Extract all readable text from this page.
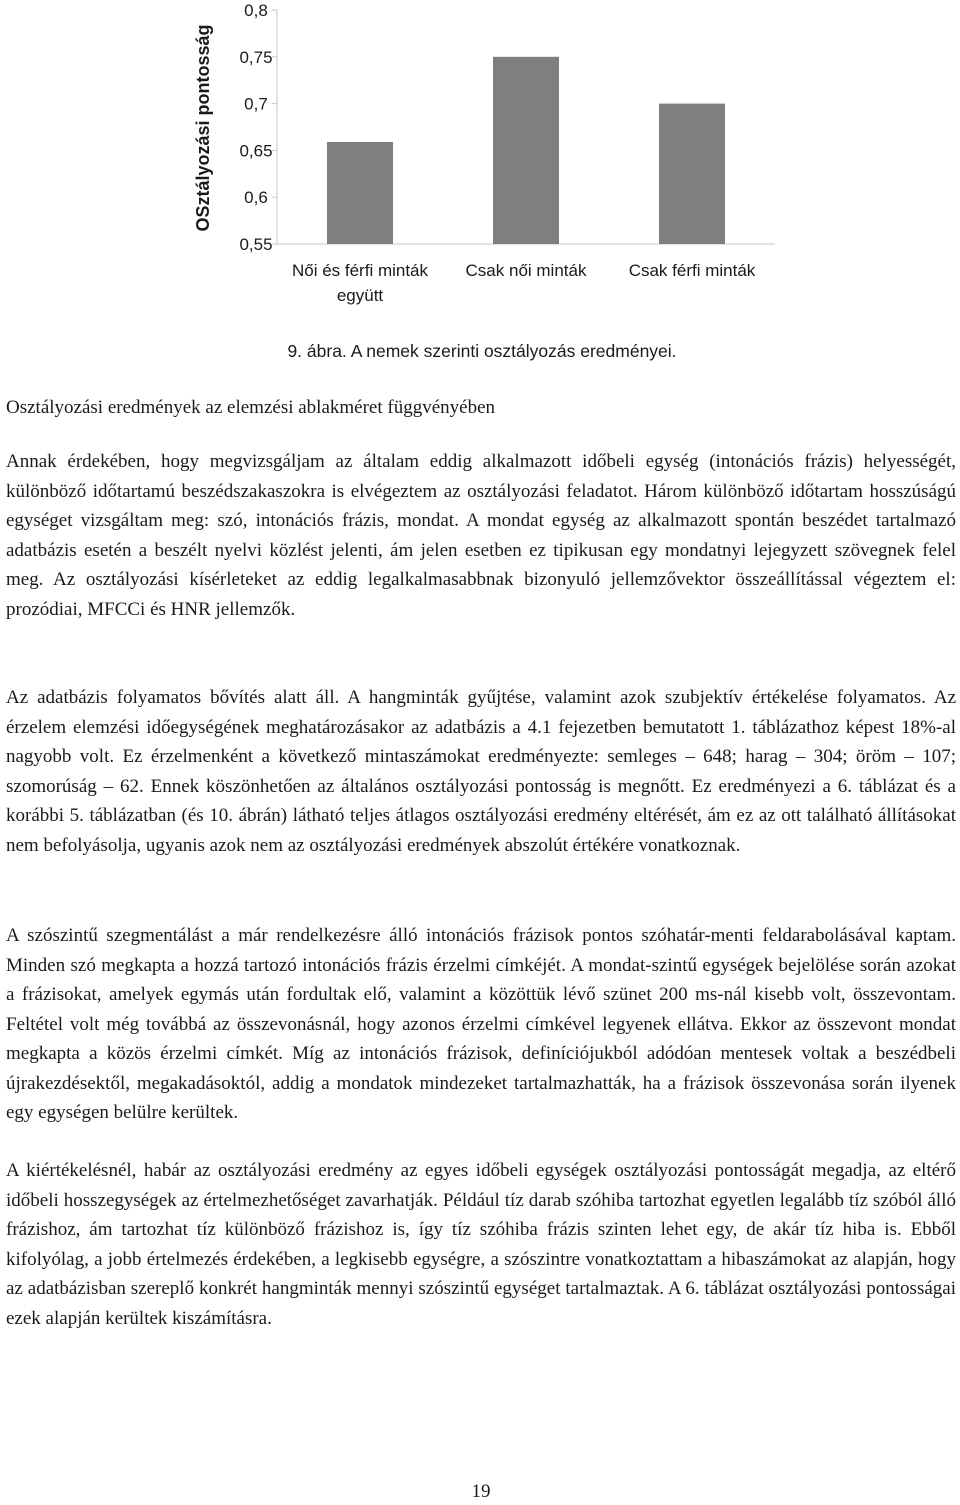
0,8
0,75
0,7
0,65
0,6
0,55
Női és férfi minták
együtt
Csak női minták Csak férfi minták
OSztályozási pontosság
9. ábra. A nemek szerinti osztályozás eredményei.
Osztályozási eredmények az elemzési ablakméret függvényében

Annak érdekében, hogy megvizsgáljam az általam eddig alkalmazott időbeli egység (intonációs frázis) helyességét, különböző időtartamú beszédszakaszokra is elvégeztem az osztályozási feladatot. Három különböző időtartam hosszúságú egységet vizsgáltam meg: szó, intonációs frázis, mondat. A mondat egység az alkalmazott spontán beszédet tartalmazó adatbázis esetén a beszélt nyelvi közlést jelenti, ám jelen esetben ez tipikusan egy mondatnyi lejegyzett szövegnek felel meg. Az osztályozási kísérleteket az eddig legalkalmasabbnak bizonyuló jellemzővektor összeállítással végeztem el: prozódiai, MFCCi és HNR jellemzők.

Az adatbázis folyamatos bővítés alatt áll. A hangminták gyűjtése, valamint azok szubjektív értékelése folyamatos. Az érzelem elemzési időegységének meghatározásakor az adatbázis a 4.1 fejezetben bemutatott 1. táblázathoz képest 18%-al nagyobb volt. Ez érzelmenként a következő mintaszámokat eredményezte: semleges – 648; harag – 304; öröm – 107; szomorúság – 62. Ennek köszönhetően az általános osztályozási pontosság is megnőtt. Ez eredményezi a 6. táblázat és a korábbi 5. táblázatban (és 10. ábrán) látható teljes átlagos osztályozási eredmény eltérését, ám ez az ott található állításokat nem befolyásolja, ugyanis azok nem az osztályozási eredmények abszolút értékére vonatkoznak.

A szószintű szegmentálást a már rendelkezésre álló intonációs frázisok pontos szóhatár-menti feldarabolásával kaptam. Minden szó megkapta a hozzá tartozó intonációs frázis érzelmi címkéjét. A mondat-szintű egységek bejelölése során azokat a frázisokat, amelyek egymás után fordultak elő, valamint a közöttük lévő szünet 200 ms-nál kisebb volt, összevontam. Feltétel volt még továbbá az összevonásnál, hogy azonos érzelmi címkével legyenek ellátva. Ekkor az összevont mondat megkapta a közös érzelmi címkét. Míg az intonációs frázisok, definíciójukból adódóan mentesek voltak a beszédbeli újrakezdésektől, megakadásoktól, addig a mondatok mindezeket tartalmazhatták, ha a frázisok összevonása során ilyenek egy egységen belülre kerültek.

A kiértékelésnél, habár az osztályozási eredmény az egyes időbeli egységek osztályozási pontosságát megadja, az eltérő időbeli hosszegységek az értelmezhetőséget zavarhatják. Például tíz darab szóhiba tartozhat egyetlen legalább tíz szóból álló frázishoz, ám tartozhat tíz különböző frázishoz is, így tíz szóhiba frázis szinten lehet egy, de akár tíz hiba is. Ebből kifolyólag, a jobb értelmezés érdekében, a legkisebb egységre, a szószintre vonatkoztattam a hibaszámokat az alapján, hogy az adatbázisban szereplő konkrét hangminták mennyi szószintű egységet tartalmaztak. A 6. táblázat osztályozási pontosságai ezek alapján kerültek kiszámításra.

19
